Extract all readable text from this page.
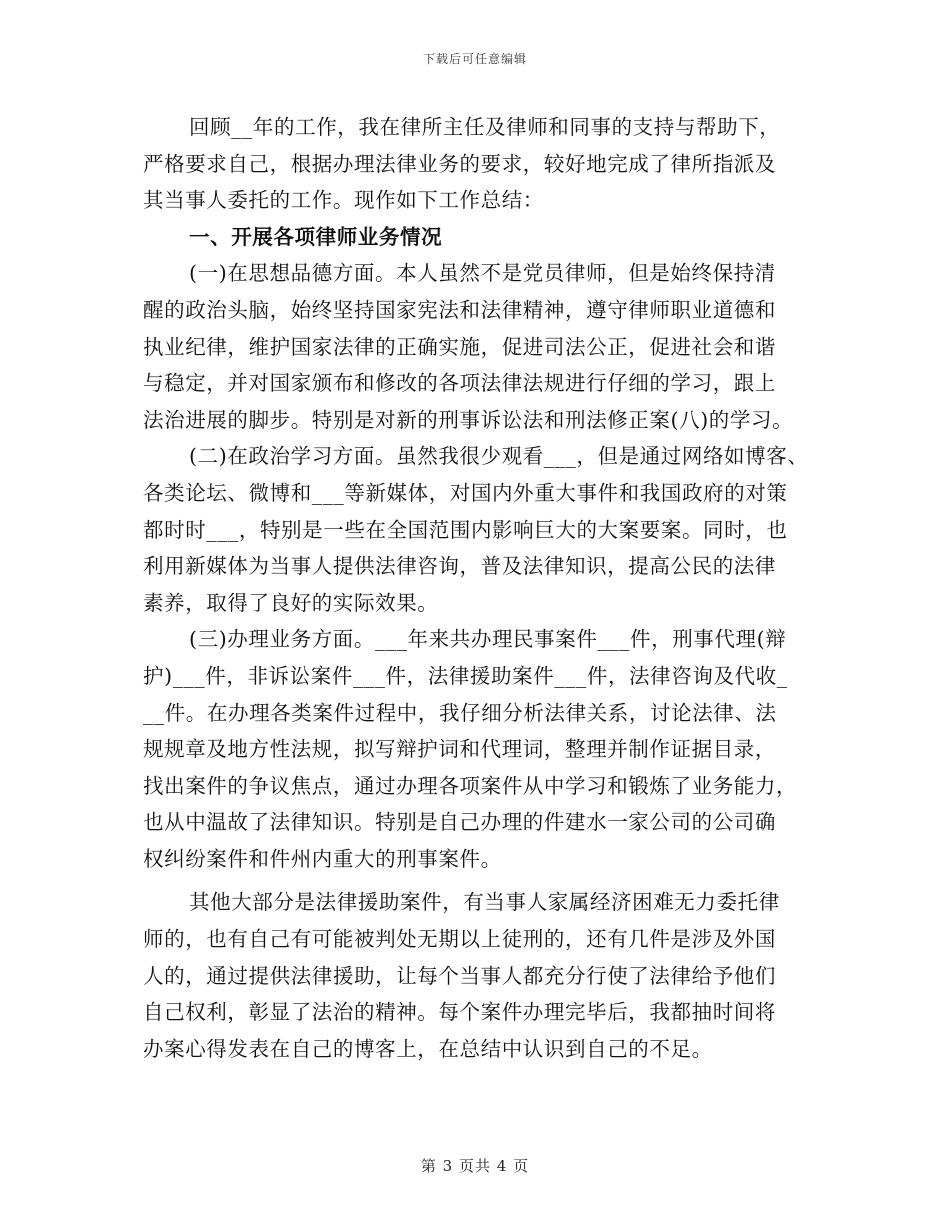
下载后可任意编辑
回顾__年的工作，我在律所主任及律师和同事的支持与帮助下，
严格要求自己，根据办理法律业务的要求，较好地完成了律所指派及
其当事人委托的工作。现作如下工作总结：
一、开展各项律师业务情况
(一)在思想品德方面。本人虽然不是党员律师，但是始终保持清
醒的政治头脑，始终坚持国家宪法和法律精神，遵守律师职业道德和
执业纪律，维护国家法律的正确实施，促进司法公正，促进社会和谐
与稳定，并对国家颁布和修改的各项法律法规进行仔细的学习，跟上
法治进展的脚步。特别是对新的刑事诉讼法和刑法修正案(八)的学习。
(二)在政治学习方面。虽然我很少观看___，但是通过网络如博客、
各类论坛、微博和___等新媒体，对国内外重大事件和我国政府的对策
都时时___，特别是一些在全国范围内影响巨大的大案要案。同时，也
利用新媒体为当事人提供法律咨询，普及法律知识，提高公民的法律
素养，取得了良好的实际效果。
(三)办理业务方面。___年来共办理民事案件___件，刑事代理(辩
护)___件，非诉讼案件___件，法律援助案件___件，法律咨询及代收_
__件。在办理各类案件过程中，我仔细分析法律关系，讨论法律、法
规规章及地方性法规，拟写辩护词和代理词，整理并制作证据目录，
找出案件的争议焦点，通过办理各项案件从中学习和锻炼了业务能力，
也从中温故了法律知识。特别是自己办理的件建水一家公司的公司确
权纠纷案件和件州内重大的刑事案件。
其他大部分是法律援助案件，有当事人家属经济困难无力委托律
师的，也有自己有可能被判处无期以上徒刑的，还有几件是涉及外国
人的，通过提供法律援助，让每个当事人都充分行使了法律给予他们
自己权利，彰显了法治的精神。每个案件办理完毕后，我都抽时间将
办案心得发表在自己的博客上，在总结中认识到自己的不足。
第 3 页共 4 页
